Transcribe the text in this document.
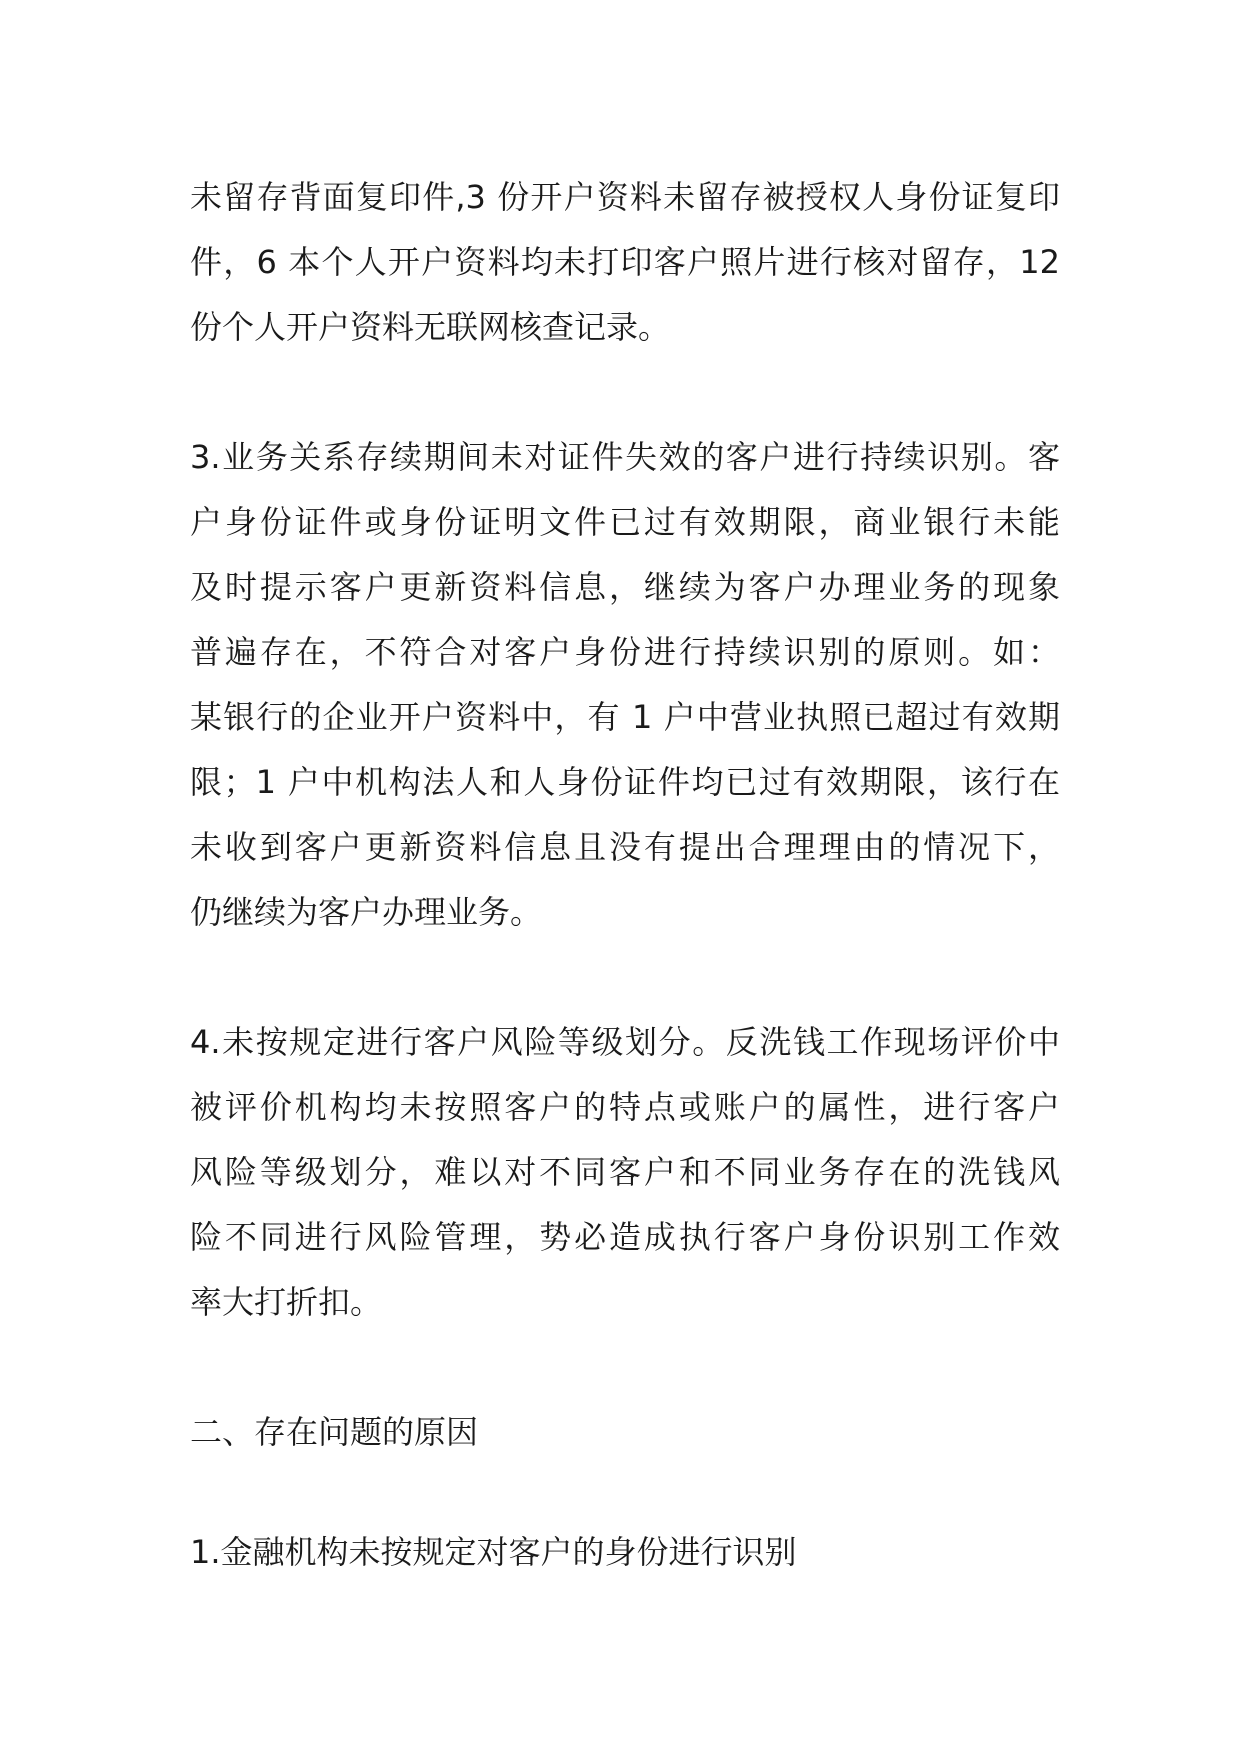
未留存背面复印件,3 份开户资料未留存被授权人身份证复印
件，6 本个人开户资料均未打印客户照片进行核对留存，12
份个人开户资料无联网核查记录。
3.业务关系存续期间未对证件失效的客户进行持续识别。客
户身份证件或身份证明文件已过有效期限，商业银行未能
及时提示客户更新资料信息，继续为客户办理业务的现象
普遍存在，不符合对客户身份进行持续识别的原则。如：
某银行的企业开户资料中，有 1 户中营业执照已超过有效期
限；1 户中机构法人和人身份证件均已过有效期限，该行在
未收到客户更新资料信息且没有提出合理理由的情况下，
仍继续为客户办理业务。
4.未按规定进行客户风险等级划分。反洗钱工作现场评价中
被评价机构均未按照客户的特点或账户的属性，进行客户
风险等级划分，难以对不同客户和不同业务存在的洗钱风
险不同进行风险管理，势必造成执行客户身份识别工作效
率大打折扣。
二、存在问题的原因
1.金融机构未按规定对客户的身份进行识别
